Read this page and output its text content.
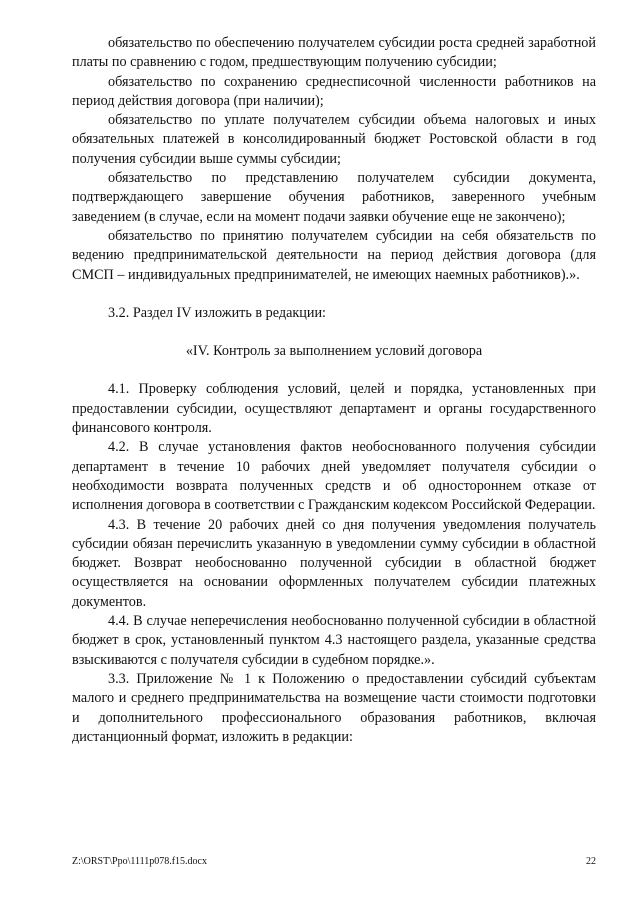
обязательство по обеспечению получателем субсидии роста средней заработной платы по сравнению с годом, предшествующим получению субсидии;

обязательство по сохранению среднесписочной численности работников на период действия договора (при наличии);

обязательство по уплате получателем субсидии объема налоговых и иных обязательных платежей в консолидированный бюджет Ростовской области в год получения субсидии выше суммы субсидии;

обязательство по представлению получателем субсидии документа, подтверждающего завершение обучения работников, заверенного учебным заведением (в случае, если на момент подачи заявки обучение еще не закончено);

обязательство по принятию получателем субсидии на себя обязательств по ведению предпринимательской деятельности на период действия договора (для СМСП – индивидуальных предпринимателей, не имеющих наемных работников).».

3.2. Раздел IV изложить в редакции:

«IV. Контроль за выполнением условий договора

4.1. Проверку соблюдения условий, целей и порядка, установленных при предоставлении субсидии, осуществляют департамент и органы государственного финансового контроля.

4.2. В случае установления фактов необоснованного получения субсидии департамент в течение 10 рабочих дней уведомляет получателя субсидии о необходимости возврата полученных средств и об одностороннем отказе от исполнения договора в соответствии с Гражданским кодексом Российской Федерации.

4.3. В течение 20 рабочих дней со дня получения уведомления получатель субсидии обязан перечислить указанную в уведомлении сумму субсидии в областной бюджет. Возврат необоснованно полученной субсидии в областной бюджет осуществляется на основании оформленных получателем субсидии платежных документов.

4.4. В случае неперечисления необоснованно полученной субсидии в областной бюджет в срок, установленный пунктом 4.3 настоящего раздела, указанные средства взыскиваются с получателя субсидии в судебном порядке.».

3.3. Приложение № 1 к Положению о предоставлении субсидий субъектам малого и среднего предпринимательства на возмещение части стоимости подготовки и дополнительного профессионального образования работников, включая дистанционный формат, изложить в редакции:

Z:\ORST\Ppo\1111p078.f15.docx	22
